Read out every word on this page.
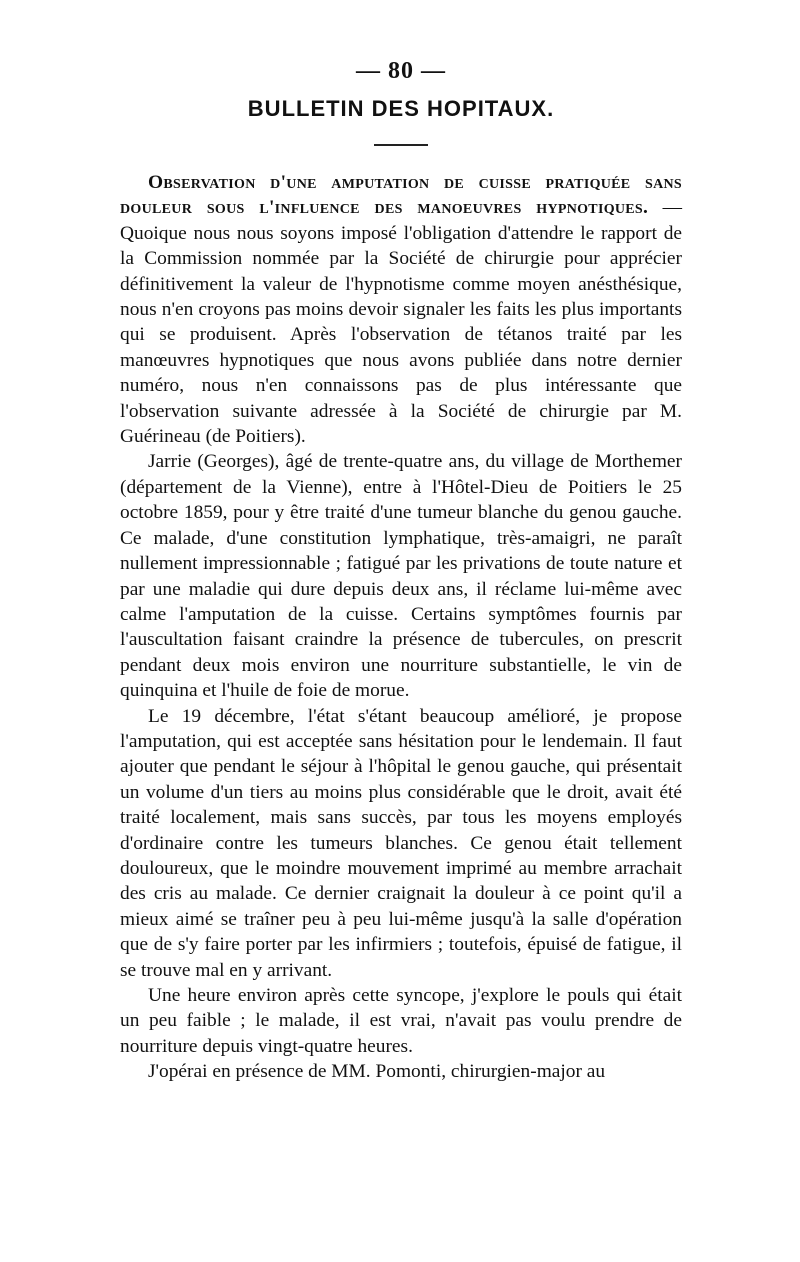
— 80 —
BULLETIN DES HOPITAUX.

Observation d'une amputation de cuisse pratiquée sans douleur sous l'influence des manoeuvres hypnotiques. — Quoique nous nous soyons imposé l'obligation d'attendre le rapport de la Commission nommée par la Société de chirurgie pour apprécier définitivement la valeur de l'hypnotisme comme moyen anésthésique, nous n'en croyons pas moins devoir signaler les faits les plus importants qui se produisent. Après l'observation de tétanos traité par les manœuvres hypnotiques que nous avons publiée dans notre dernier numéro, nous n'en connaissons pas de plus intéressante que l'observation suivante adressée à la Société de chirurgie par M. Guérineau (de Poitiers).

Jarrie (Georges), âgé de trente-quatre ans, du village de Morthemer (département de la Vienne), entre à l'Hôtel-Dieu de Poitiers le 25 octobre 1859, pour y être traité d'une tumeur blanche du genou gauche. Ce malade, d'une constitution lymphatique, très-amaigri, ne paraît nullement impressionnable ; fatigué par les privations de toute nature et par une maladie qui dure depuis deux ans, il réclame lui-même avec calme l'amputation de la cuisse. Certains symptômes fournis par l'auscultation faisant craindre la présence de tubercules, on prescrit pendant deux mois environ une nourriture substantielle, le vin de quinquina et l'huile de foie de morue.

Le 19 décembre, l'état s'étant beaucoup amélioré, je propose l'amputation, qui est acceptée sans hésitation pour le lendemain. Il faut ajouter que pendant le séjour à l'hôpital le genou gauche, qui présentait un volume d'un tiers au moins plus considérable que le droit, avait été traité localement, mais sans succès, par tous les moyens employés d'ordinaire contre les tumeurs blanches. Ce genou était tellement douloureux, que le moindre mouvement imprimé au membre arrachait des cris au malade. Ce dernier craignait la douleur à ce point qu'il a mieux aimé se traîner peu à peu lui-même jusqu'à la salle d'opération que de s'y faire porter par les infirmiers ; toutefois, épuisé de fatigue, il se trouve mal en y arrivant.

Une heure environ après cette syncope, j'explore le pouls qui était un peu faible ; le malade, il est vrai, n'avait pas voulu prendre de nourriture depuis vingt-quatre heures.

J'opérai en présence de MM. Pomonti, chirurgien-major au
